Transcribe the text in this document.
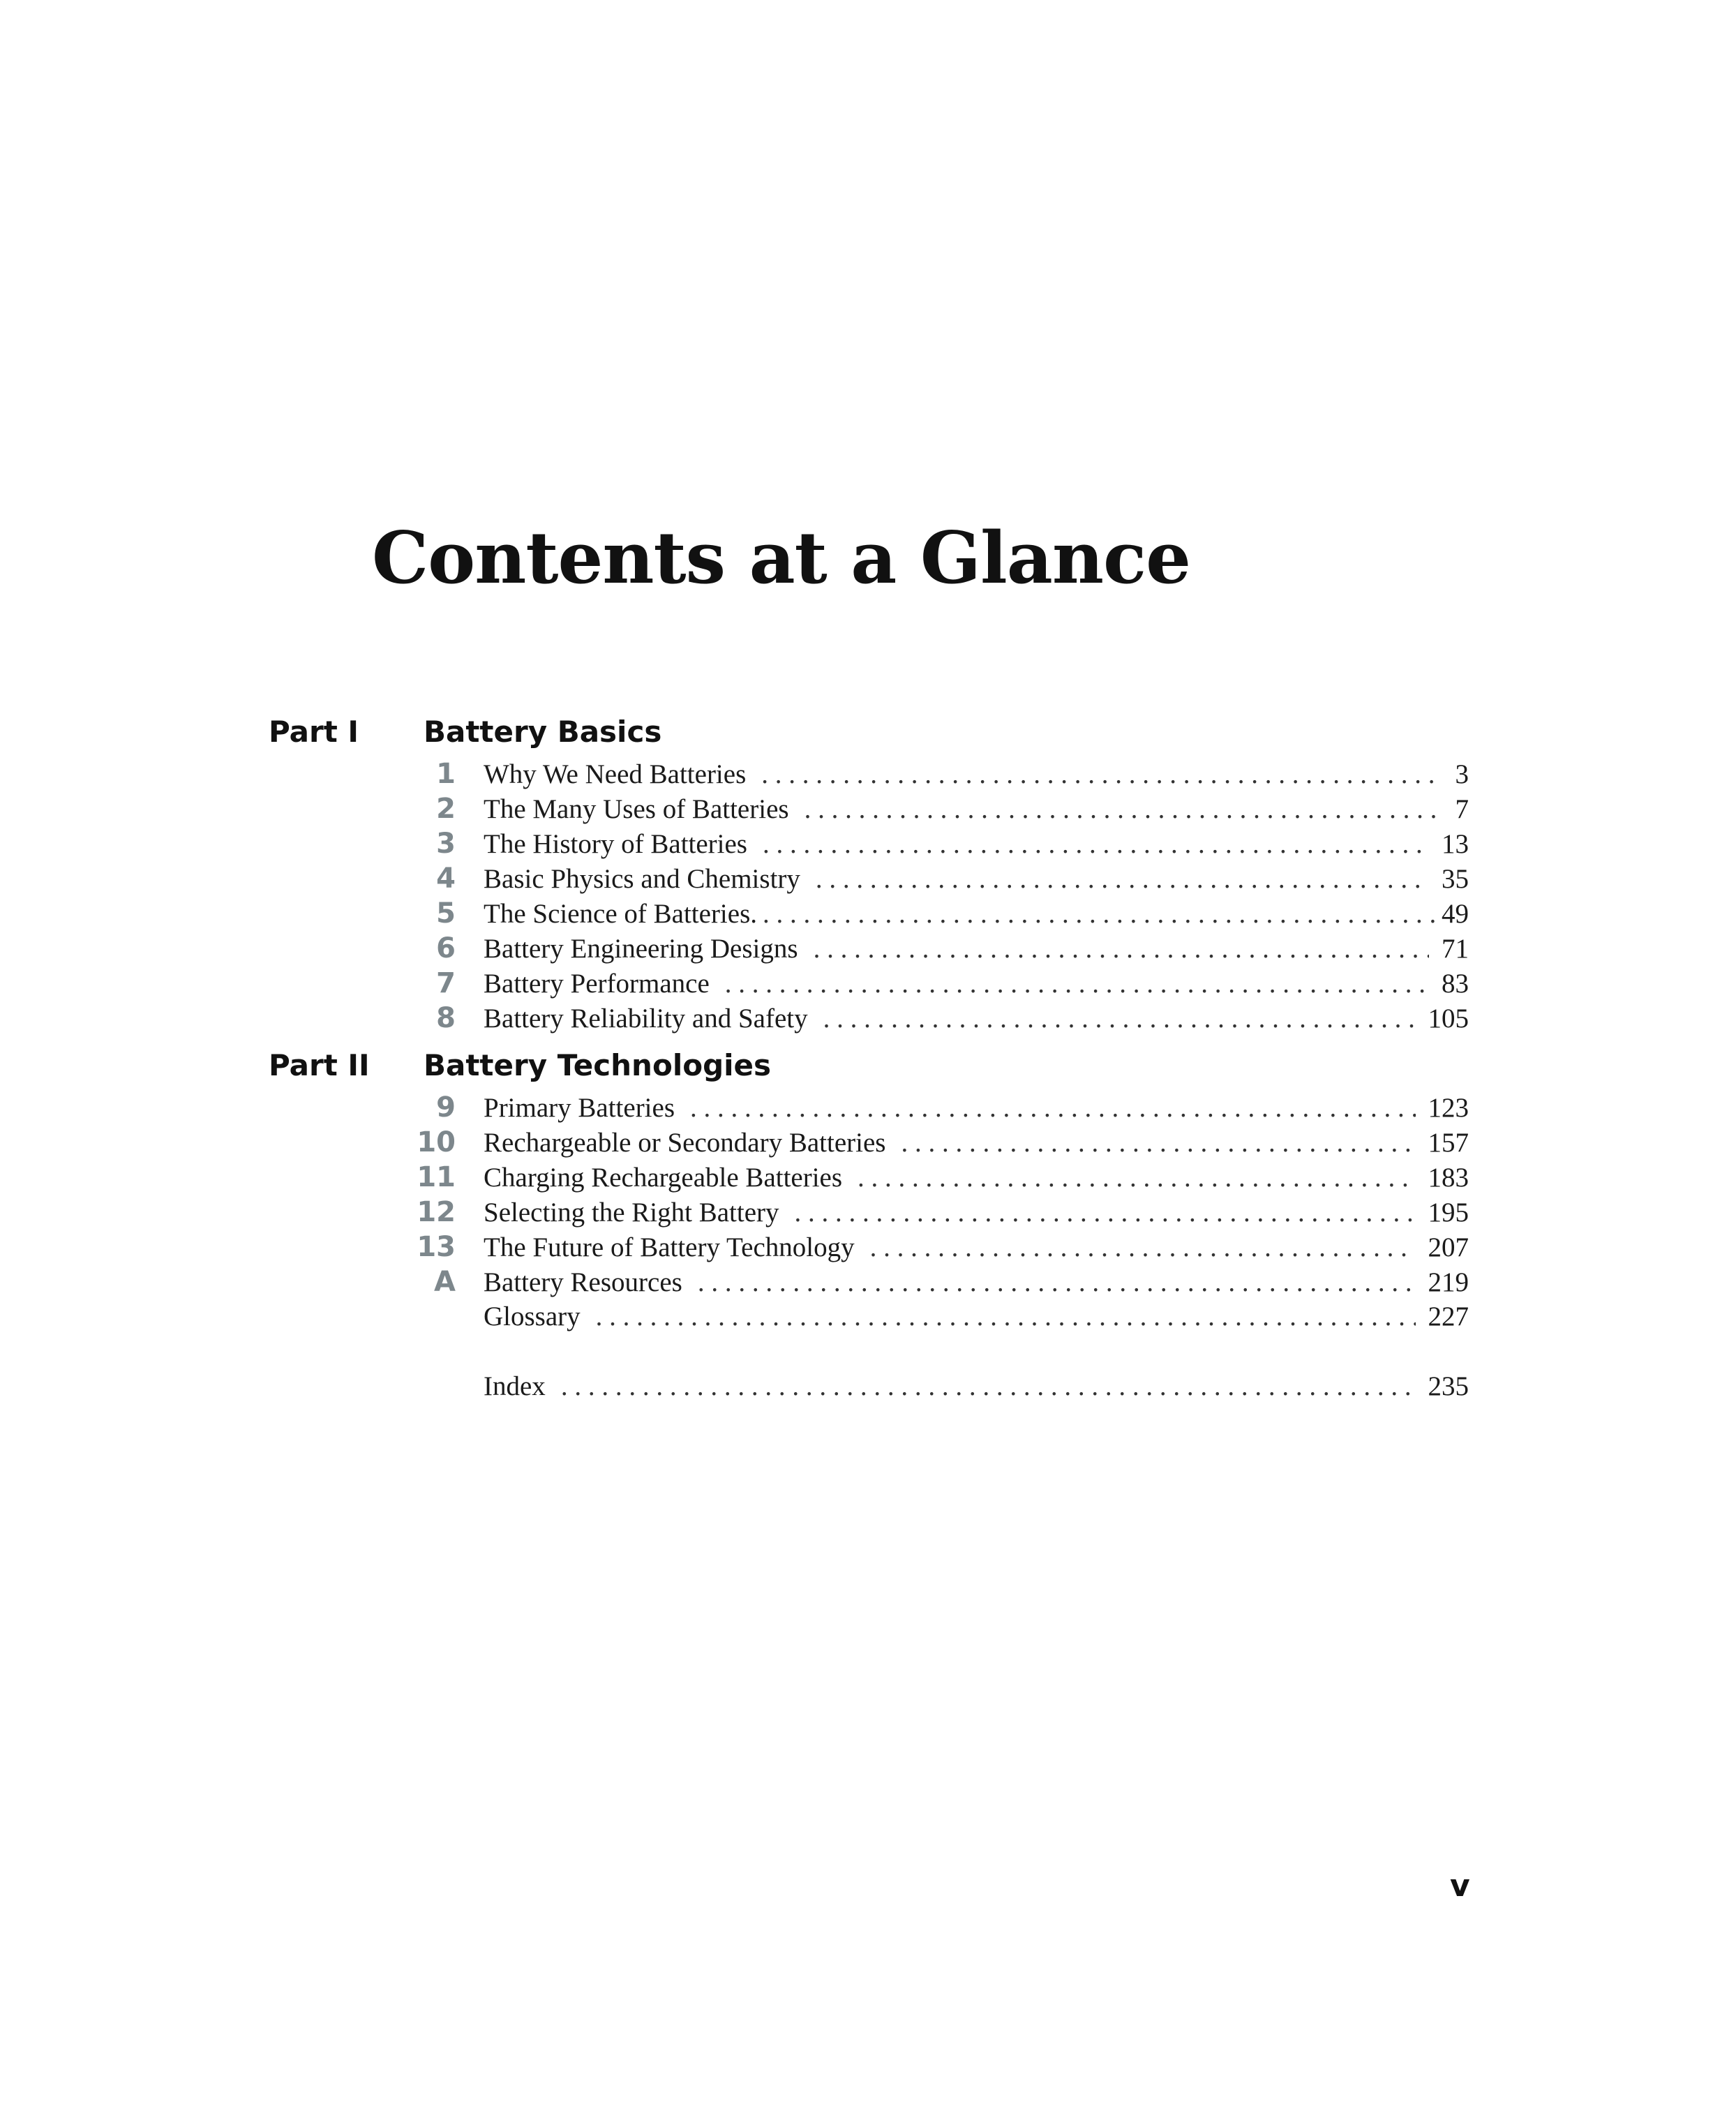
Contents at a Glance
Part I Battery Basics
1 Why We Need Batteries . . .	3
2 The Many Uses of Batteries . . .	7
3 The History of Batteries . . .	13
4 Basic Physics and Chemistry . . .	35
5 The Science of Batteries. . . .	49
6 Battery Engineering Designs . . .	71
7 Battery Performance . . .	83
8 Battery Reliability and Safety . . .	105
Part II Battery Technologies
9 Primary Batteries . . .	123
10 Rechargeable or Secondary Batteries . . .	157
11 Charging Rechargeable Batteries . . .	183
12 Selecting the Right Battery . . .	195
13 The Future of Battery Technology . . .	207
A Battery Resources . . .	219
Glossary . . .	227
Index . . .	235
v
